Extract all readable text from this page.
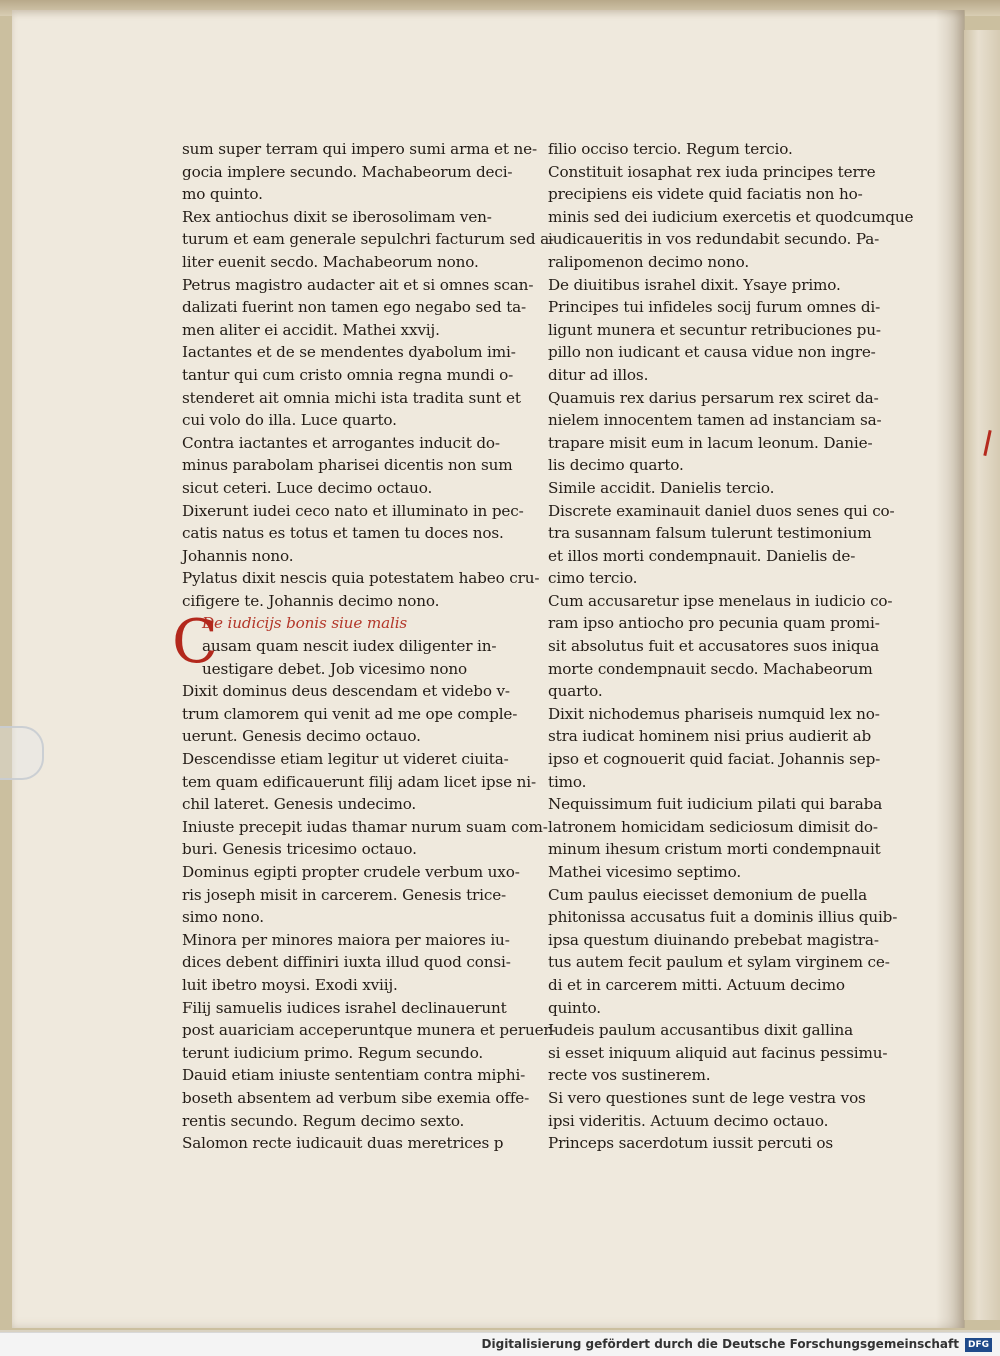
sum super terram qui impero sumi arma et ne-
gocia implere secundo. Machabeorum deci-
mo quinto.
Rex antiochus dixit se iberosolimam ven-
turum et eam generale sepulchri facturum sed a-
liter euenit secdo. Machabeorum nono.
Petrus magistro audacter ait et si omnes scan-
dalizati fuerint non tamen ego negabo sed ta-
men aliter ei accidit. Mathei xxvij.
Iactantes et de se mendentes dyabolum imi-
tantur qui cum cristo omnia regna mundi o-
stenderet ait omnia michi ista tradita sunt et
cui volo do illa. Luce quarto.
Contra iactantes et arrogantes inducit do-
minus parabolam pharisei dicentis non sum
sicut ceteri. Luce decimo octauo.
Dixerunt iudei ceco nato et illuminato in pec-
catis natus es totus et tamen tu doces nos.
Johannis nono.
Pylatus dixit nescis quia potestatem habeo cru-
cifigere te. Johannis decimo nono.
C
De iudicijs bonis siue malis
ausam quam nescit iudex diligenter in-
uestigare debet. Job vicesimo nono
Dixit dominus deus descendam et videbo v-
trum clamorem qui venit ad me ope comple-
uerunt. Genesis decimo octauo.
Descendisse etiam legitur ut videret ciuita-
tem quam edificauerunt filij adam licet ipse ni-
chil lateret. Genesis undecimo.
Iniuste precepit iudas thamar nurum suam com-
buri. Genesis tricesimo octauo.
Dominus egipti propter crudele verbum uxo-
ris joseph misit in carcerem. Genesis trice-
simo nono.
Minora per minores maiora per maiores iu-
dices debent diffiniri iuxta illud quod consi-
luit ibetro moysi. Exodi xviij.
Filij samuelis iudices israhel declinauerunt
post auariciam acceperuntque munera et peruer-
terunt iudicium primo. Regum secundo.
Dauid etiam iniuste sententiam contra miphi-
boseth absentem ad verbum sibe exemia offe-
rentis secundo. Regum decimo sexto.
Salomon recte iudicauit duas meretrices p
filio occiso tercio. Regum tercio.
Constituit iosaphat rex iuda principes terre
precipiens eis videte quid faciatis non ho-
minis sed dei iudicium exercetis et quodcumque
iudicaueritis in vos redundabit secundo. Pa-
ralipomenon decimo nono.
De diuitibus israhel dixit. Ysaye primo.
Principes tui infideles socij furum omnes di-
ligunt munera et secuntur retribuciones pu-
pillo non iudicant et causa vidue non ingre-
ditur ad illos.
Quamuis rex darius persarum rex sciret da-
nielem innocentem tamen ad instanciam sa-
trapare misit eum in lacum leonum. Danie-
lis decimo quarto.
Simile accidit. Danielis tercio.
Discrete examinauit daniel duos senes qui co-
tra susannam falsum tulerunt testimonium
et illos morti condempnauit. Danielis de-
cimo tercio.
Cum accusaretur ipse menelaus in iudicio co-
ram ipso antiocho pro pecunia quam promi-
sit absolutus fuit et accusatores suos iniqua
morte condempnauit secdo. Machabeorum
quarto.
Dixit nichodemus phariseis numquid lex no-
stra iudicat hominem nisi prius audierit ab
ipso et cognouerit quid faciat. Johannis sep-
timo.
Nequissimum fuit iudicium pilati qui baraba
latronem homicidam sediciosum dimisit do-
minum ihesum cristum morti condempnauit
Mathei vicesimo septimo.
Cum paulus eiecisset demonium de puella
phitonissa accusatus fuit a dominis illius quib-
ipsa questum diuinando prebebat magistra-
tus autem fecit paulum et sylam virginem ce-
di et in carcerem mitti. Actuum decimo
quinto.
Iudeis paulum accusantibus dixit gallina
si esset iniquum aliquid aut facinus pessimu-
recte vos sustinerem.
Si vero questiones sunt de lege vestra vos
ipsi videritis. Actuum decimo octauo.
Princeps sacerdotum iussit percuti os
Digitalisierung gefördert durch die Deutsche Forschungsgemeinschaft DFG
